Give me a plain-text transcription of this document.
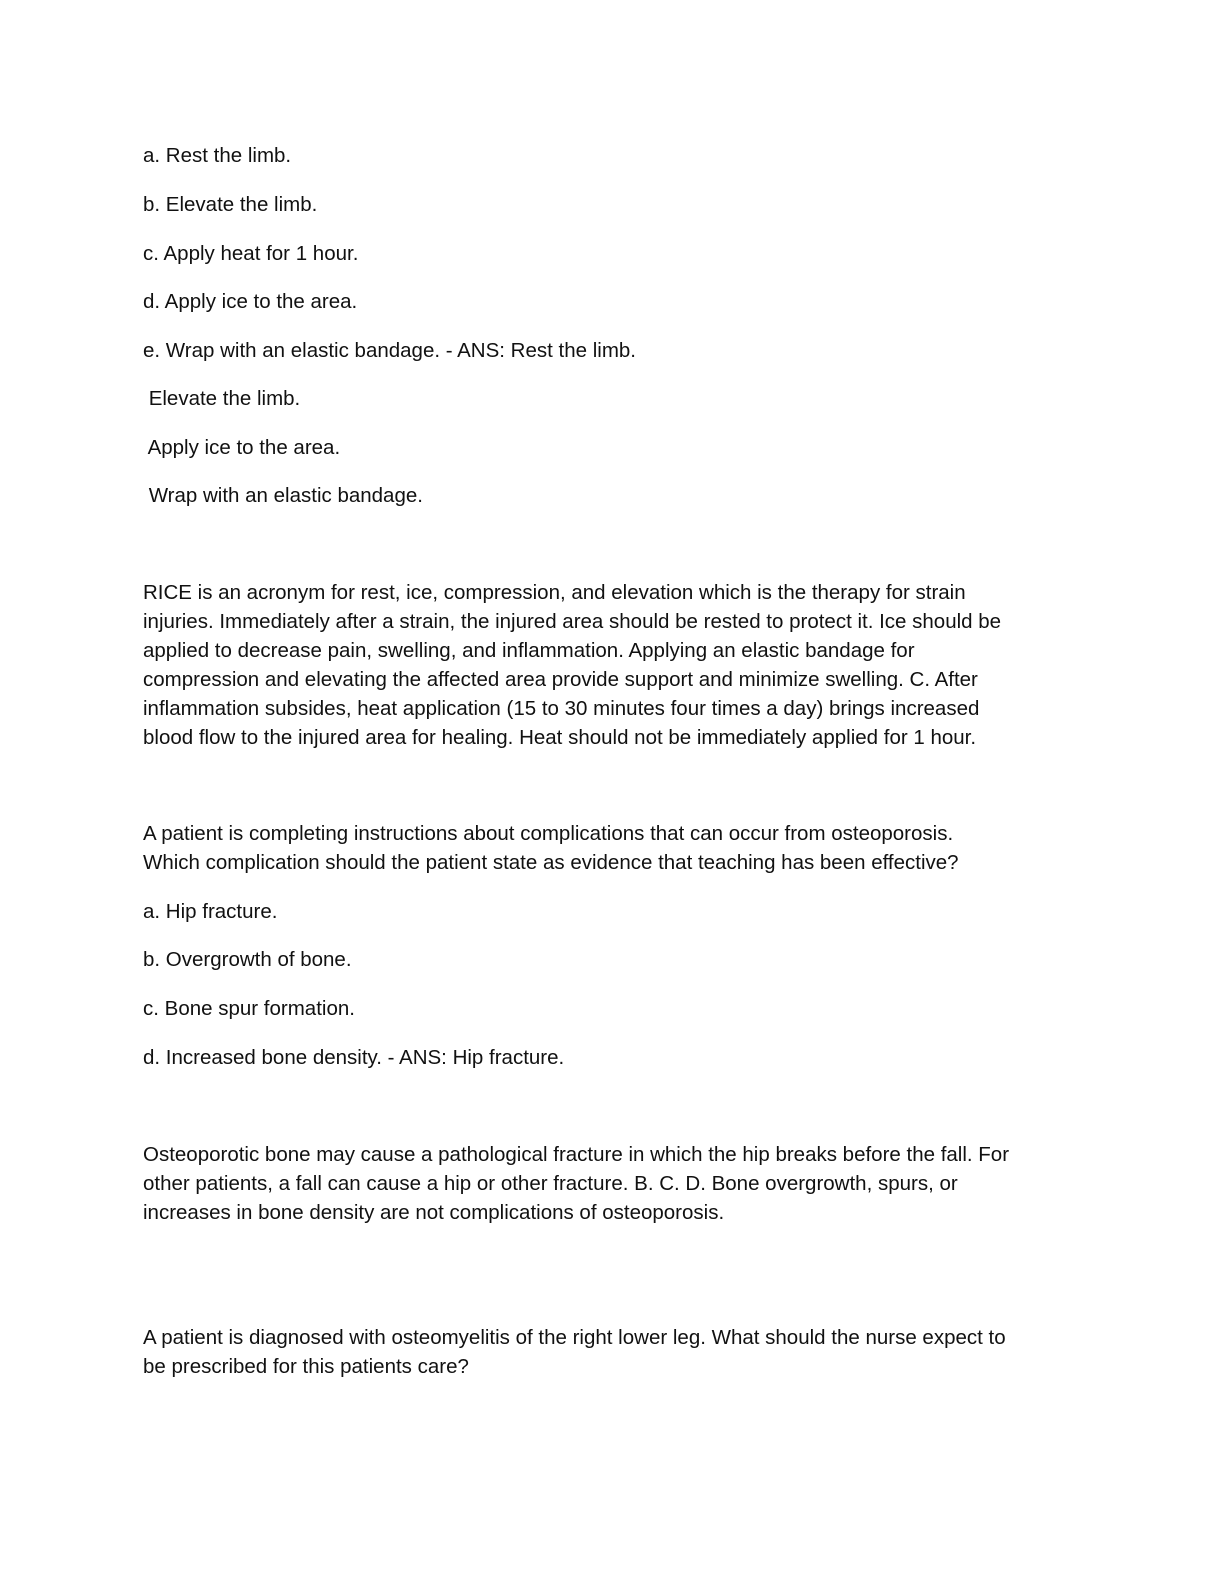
a. Rest the limb.
b. Elevate the limb.
c. Apply heat for 1 hour.
d. Apply ice to the area.
e. Wrap with an elastic bandage. - ANS: Rest the limb.
Elevate the limb.
Apply ice to the area.
Wrap with an elastic bandage.
RICE is an acronym for rest, ice, compression, and elevation which is the therapy for strain
injuries. Immediately after a strain, the injured area should be rested to protect it. Ice should be
applied to decrease pain, swelling, and inflammation. Applying an elastic bandage for
compression and elevating the affected area provide support and minimize swelling. C. After
inflammation subsides, heat application (15 to 30 minutes four times a day) brings increased
blood flow to the injured area for healing. Heat should not be immediately applied for 1 hour.
A patient is completing instructions about complications that can occur from osteoporosis.
Which complication should the patient state as evidence that teaching has been effective?
a. Hip fracture.
b. Overgrowth of bone.
c. Bone spur formation.
d. Increased bone density. - ANS: Hip fracture.
Osteoporotic bone may cause a pathological fracture in which the hip breaks before the fall. For
other patients, a fall can cause a hip or other fracture. B. C. D. Bone overgrowth, spurs, or
increases in bone density are not complications of osteoporosis.
A patient is diagnosed with osteomyelitis of the right lower leg. What should the nurse expect to
be prescribed for this patients care?
